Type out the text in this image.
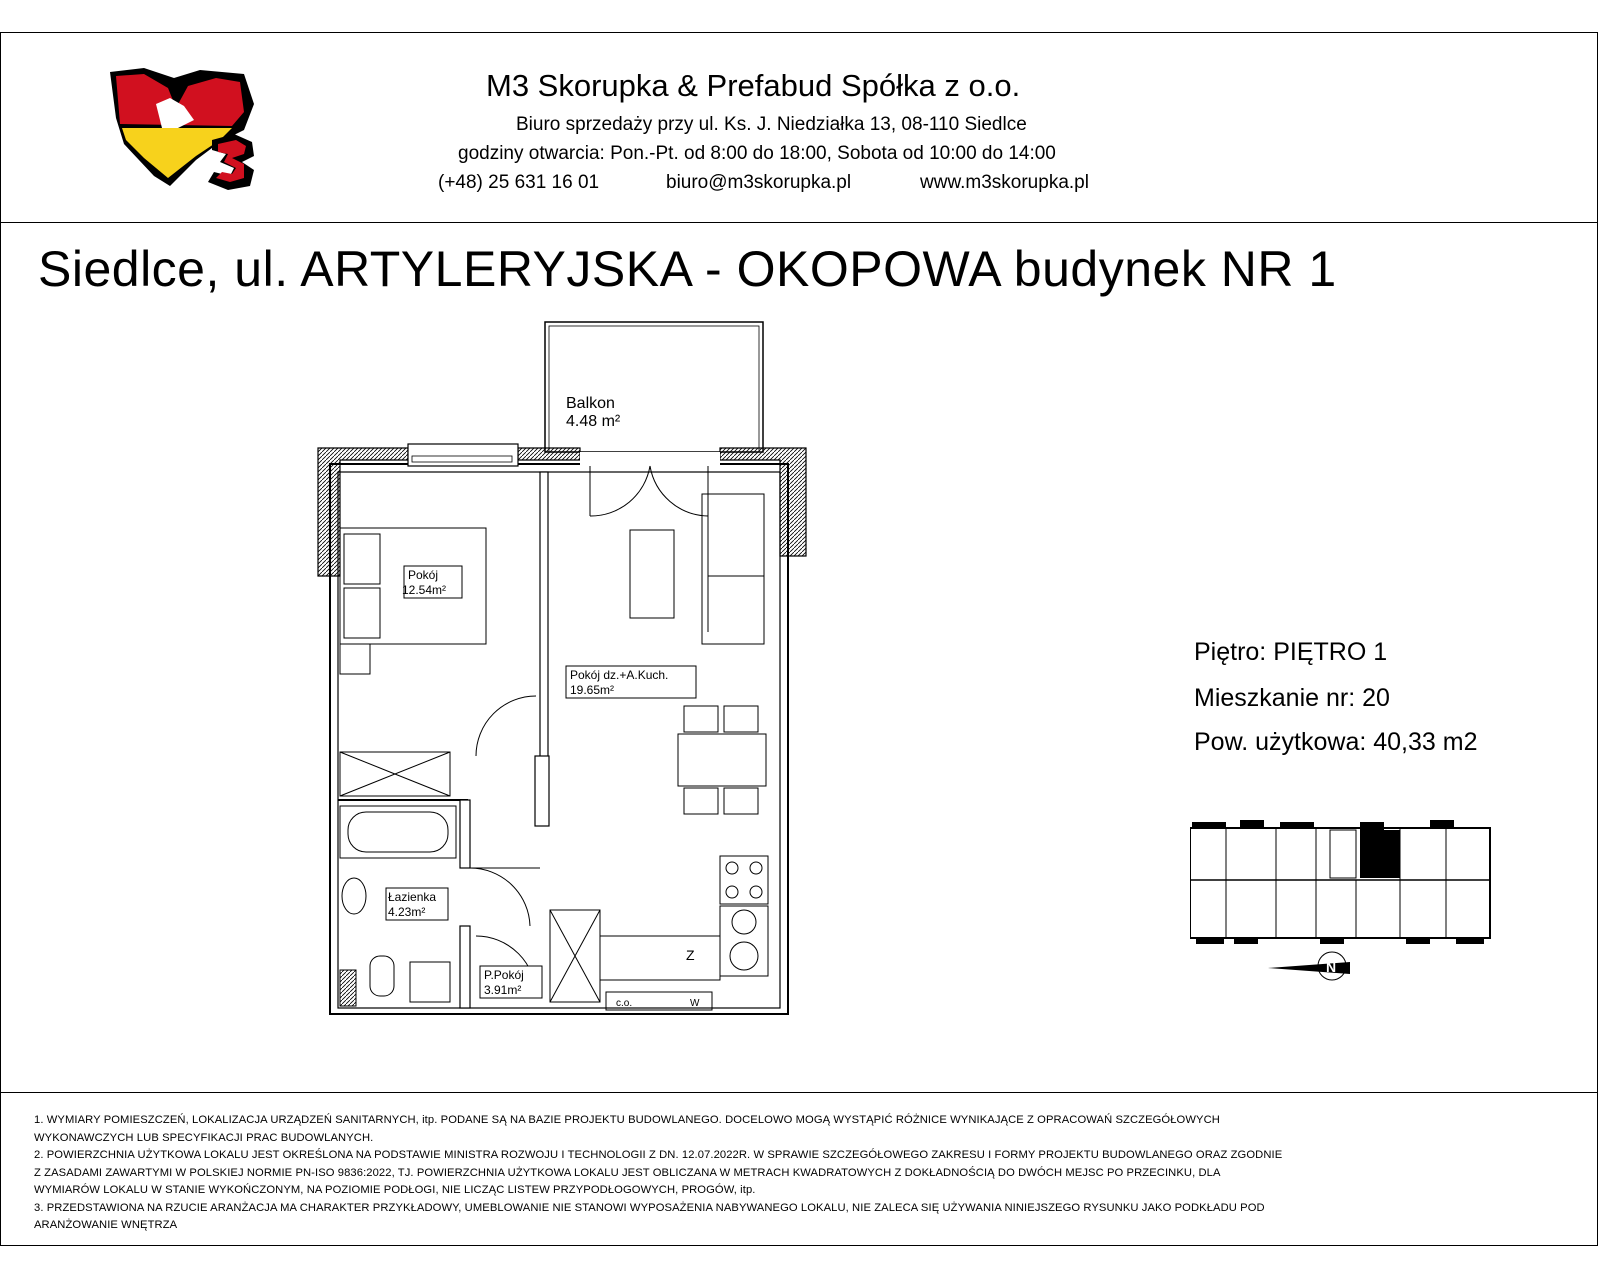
M3 Skorupka & Prefabud Spółka z o.o.
Biuro sprzedaży przy ul. Ks. J. Niedziałka 13, 08-110 Siedlce
godziny otwarcia: Pon.-Pt. od 8:00 do 18:00, Sobota od 10:00 do 14:00
(+48) 25 631 16 01	biuro@m3skorupka.pl	www.m3skorupka.pl
Siedlce, ul. ARTYLERYJSKA - OKOPOWA budynek NR 1
Pokój
12.54m²
Pokój dz.+A.Kuch.
19.65m²
Łazienka
4.23m²
P.Pokój
3.91m²
Balkon
4.48 m²
Z
c.o.	W
Piętro: PIĘTRO 1
Mieszkanie nr: 20
Pow. użytkowa: 40,33 m2
N
1. WYMIARY POMIESZCZEŃ, LOKALIZACJA URZĄDZEŃ SANITARNYCH, itp. PODANE SĄ NA BAZIE PROJEKTU BUDOWLANEGO. DOCELOWO MOGĄ WYSTĄPIĆ RÓŻNICE WYNIKAJĄCE Z OPRACOWAŃ SZCZEGÓŁOWYCH
WYKONAWCZYCH LUB SPECYFIKACJI PRAC BUDOWLANYCH.
2. POWIERZCHNIA UŻYTKOWA LOKALU JEST OKREŚLONA NA PODSTAWIE MINISTRA ROZWOJU I TECHNOLOGII Z DN. 12.07.2022R. W SPRAWIE SZCZEGÓŁOWEGO ZAKRESU I FORMY PROJEKTU BUDOWLANEGO ORAZ ZGODNIE
Z ZASADAMI ZAWARTYMI W POLSKIEJ NORMIE PN-ISO 9836:2022, TJ. POWIERZCHNIA UŻYTKOWA LOKALU JEST OBLICZANA W METRACH KWADRATOWYCH Z DOKŁADNOŚCIĄ DO DWÓCH MEJSC PO PRZECINKU, DLA
WYMIARÓW LOKALU W STANIE WYKOŃCZONYM, NA POZIOMIE PODŁOGI, NIE LICZĄC LISTEW PRZYPODŁOGOWYCH, PROGÓW, itp.
3. PRZEDSTAWIONA NA RZUCIE ARANŻACJA MA CHARAKTER PRZYKŁADOWY, UMEBLOWANIE NIE STANOWI WYPOSAŻENIA NABYWANEGO LOKALU, NIE ZALECA SIĘ UŻYWANIA NINIEJSZEGO RYSUNKU JAKO PODKŁADU POD
ARANŻOWANIE WNĘTRZA
